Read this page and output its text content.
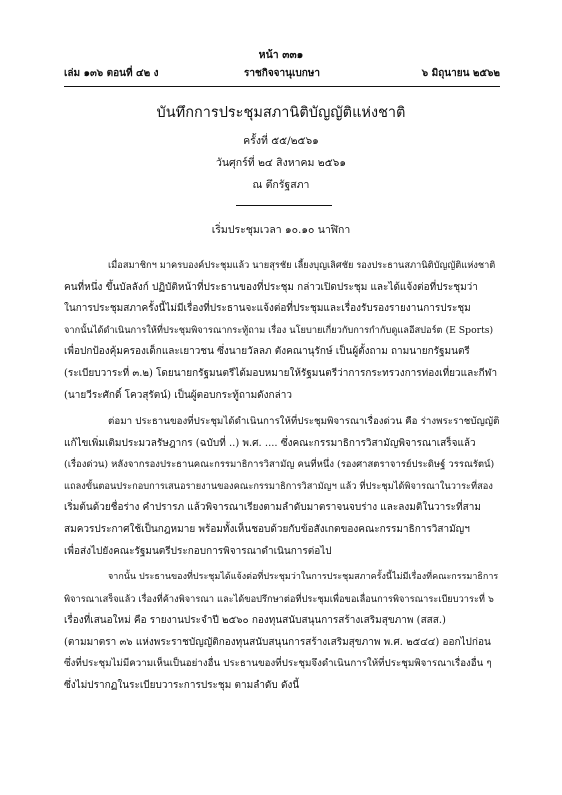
หน้า ๓๓๑
เล่ม ๑๓๖ ตอนที่ ๔๒ ง	ราชกิจจานุเบกษา	๖ มิถุนายน ๒๕๖๒
บันทึกการประชุมสภานิติบัญญัติแห่งชาติ
ครั้งที่ ๕๕/๒๕๖๑
วันศุกร์ที่ ๒๔ สิงหาคม ๒๕๖๑
ณ ตึกรัฐสภา
เริ่มประชุมเวลา ๑๐.๑๐ นาฬิกา
เมื่อสมาชิกฯ มาครบองค์ประชุมแล้ว นายสุรชัย เลี้ยงบุญเลิศชัย รองประธานสภานิติบัญญัติแห่งชาติ
คนที่หนึ่ง ขึ้นบัลลังก์ ปฏิบัติหน้าที่ประธานของที่ประชุม กล่าวเปิดประชุม และได้แจ้งต่อที่ประชุมว่า
ในการประชุมสภาครั้งนี้ไม่มีเรื่องที่ประธานจะแจ้งต่อที่ประชุมและเรื่องรับรองรายงานการประชุม
จากนั้นได้ดำเนินการให้ที่ประชุมพิจารณากระทู้ถาม เรื่อง นโยบายเกี่ยวกับการกำกับดูแลอีสปอร์ต (E Sports)
เพื่อปกป้องคุ้มครองเด็กและเยาวชน ซึ่งนายวัลลภ ตังคณานุรักษ์ เป็นผู้ตั้งถาม ถามนายกรัฐมนตรี
(ระเบียบวาระที่ ๓.๒) โดยนายกรัฐมนตรีได้มอบหมายให้รัฐมนตรีว่าการกระทรวงการท่องเที่ยวและกีฬา
(นายวีระศักดิ์ โควสุรัตน์) เป็นผู้ตอบกระทู้ถามดังกล่าว
ต่อมา ประธานของที่ประชุมได้ดำเนินการให้ที่ประชุมพิจารณาเรื่องด่วน คือ ร่างพระราชบัญญัติ
แก้ไขเพิ่มเติมประมวลรัษฎากร (ฉบับที่ ..) พ.ศ. .... ซึ่งคณะกรรมาธิการวิสามัญพิจารณาเสร็จแล้ว
(เรื่องด่วน) หลังจากรองประธานคณะกรรมาธิการวิสามัญ คนที่หนึ่ง (รองศาสตราจารย์ประดิษฐ์ วรรณรัตน์)
แถลงขั้นตอนประกอบการเสนอรายงานของคณะกรรมาธิการวิสามัญฯ แล้ว ที่ประชุมได้พิจารณาในวาระที่สอง
เริ่มต้นด้วยชื่อร่าง คำปรารภ แล้วพิจารณาเรียงตามลำดับมาตราจนจบร่าง และลงมติในวาระที่สาม
สมควรประกาศใช้เป็นกฎหมาย พร้อมทั้งเห็นชอบด้วยกับข้อสังเกตของคณะกรรมาธิการวิสามัญฯ
เพื่อส่งไปยังคณะรัฐมนตรีประกอบการพิจารณาดำเนินการต่อไป
จากนั้น ประธานของที่ประชุมได้แจ้งต่อที่ประชุมว่าในการประชุมสภาครั้งนี้ไม่มีเรื่องที่คณะกรรมาธิการ
พิจารณาเสร็จแล้ว เรื่องที่ค้างพิจารณา และได้ขอปรึกษาต่อที่ประชุมเพื่อขอเลื่อนการพิจารณาระเบียบวาระที่ ๖
เรื่องที่เสนอใหม่ คือ รายงานประจำปี ๒๕๖๐ กองทุนสนับสนุนการสร้างเสริมสุขภาพ (สสส.)
(ตามมาตรา ๓๖ แห่งพระราชบัญญัติกองทุนสนับสนุนการสร้างเสริมสุขภาพ พ.ศ. ๒๕๔๔) ออกไปก่อน
ซึ่งที่ประชุมไม่มีความเห็นเป็นอย่างอื่น ประธานของที่ประชุมจึงดำเนินการให้ที่ประชุมพิจารณาเรื่องอื่น ๆ
ซึ่งไม่ปรากฏในระเบียบวาระการประชุม ตามลำดับ ดังนี้
